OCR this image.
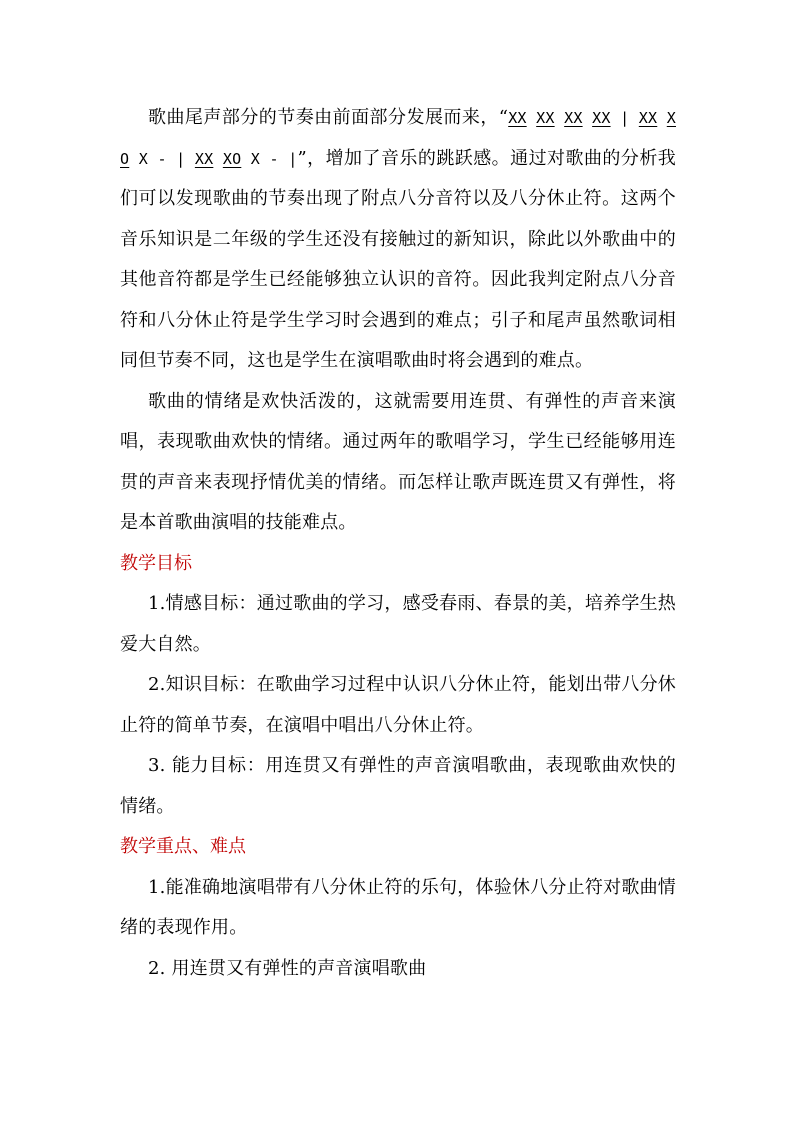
歌曲尾声部分的节奏由前面部分发展而来，“XX XX XX XX | XX XO X - | XX XO X - |”，增加了音乐的跳跃感。通过对歌曲的分析我们可以发现歌曲的节奏出现了附点八分音符以及八分休止符。这两个音乐知识是二年级的学生还没有接触过的新知识，除此以外歌曲中的其他音符都是学生已经能够独立认识的音符。因此我判定附点八分音符和八分休止符是学生学习时会遇到的难点；引子和尾声虽然歌词相同但节奏不同，这也是学生在演唱歌曲时将会遇到的难点。

歌曲的情绪是欢快活泼的，这就需要用连贯、有弹性的声音来演唱，表现歌曲欢快的情绪。通过两年的歌唱学习，学生已经能够用连贯的声音来表现抒情优美的情绪。而怎样让歌声既连贯又有弹性，将是本首歌曲演唱的技能难点。

教学目标

1.情感目标：通过歌曲的学习，感受春雨、春景的美，培养学生热爱大自然。

2.知识目标：在歌曲学习过程中认识八分休止符，能划出带八分休止符的简单节奏，在演唱中唱出八分休止符。

3. 能力目标：用连贯又有弹性的声音演唱歌曲，表现歌曲欢快的情绪。

教学重点、难点

1.能准确地演唱带有八分休止符的乐句，体验休八分止符对歌曲情绪的表现作用。

2. 用连贯又有弹性的声音演唱歌曲
